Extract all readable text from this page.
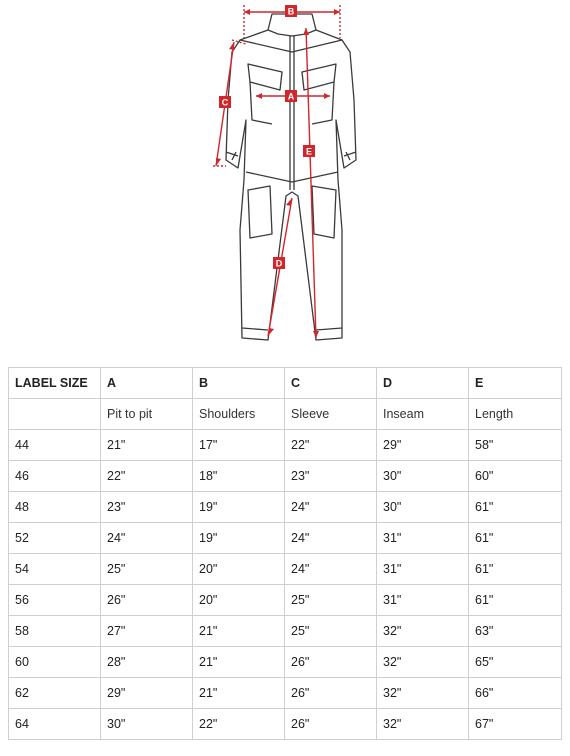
B
A
C
E
D
LABEL SIZE	A	B	C	D	E
	Pit to pit	Shoulders	Sleeve	Inseam	Length
44	21"	17"	22"	29"	58"
46	22"	18"	23"	30"	60"
48	23"	19"	24"	30"	61"
52	24"	19"	24"	31"	61"
54	25"	20"	24"	31"	61"
56	26"	20"	25"	31"	61"
58	27"	21"	25"	32"	63"
60	28"	21"	26"	32"	65"
62	29"	21"	26"	32"	66"
64	30"	22"	26"	32"	67"
